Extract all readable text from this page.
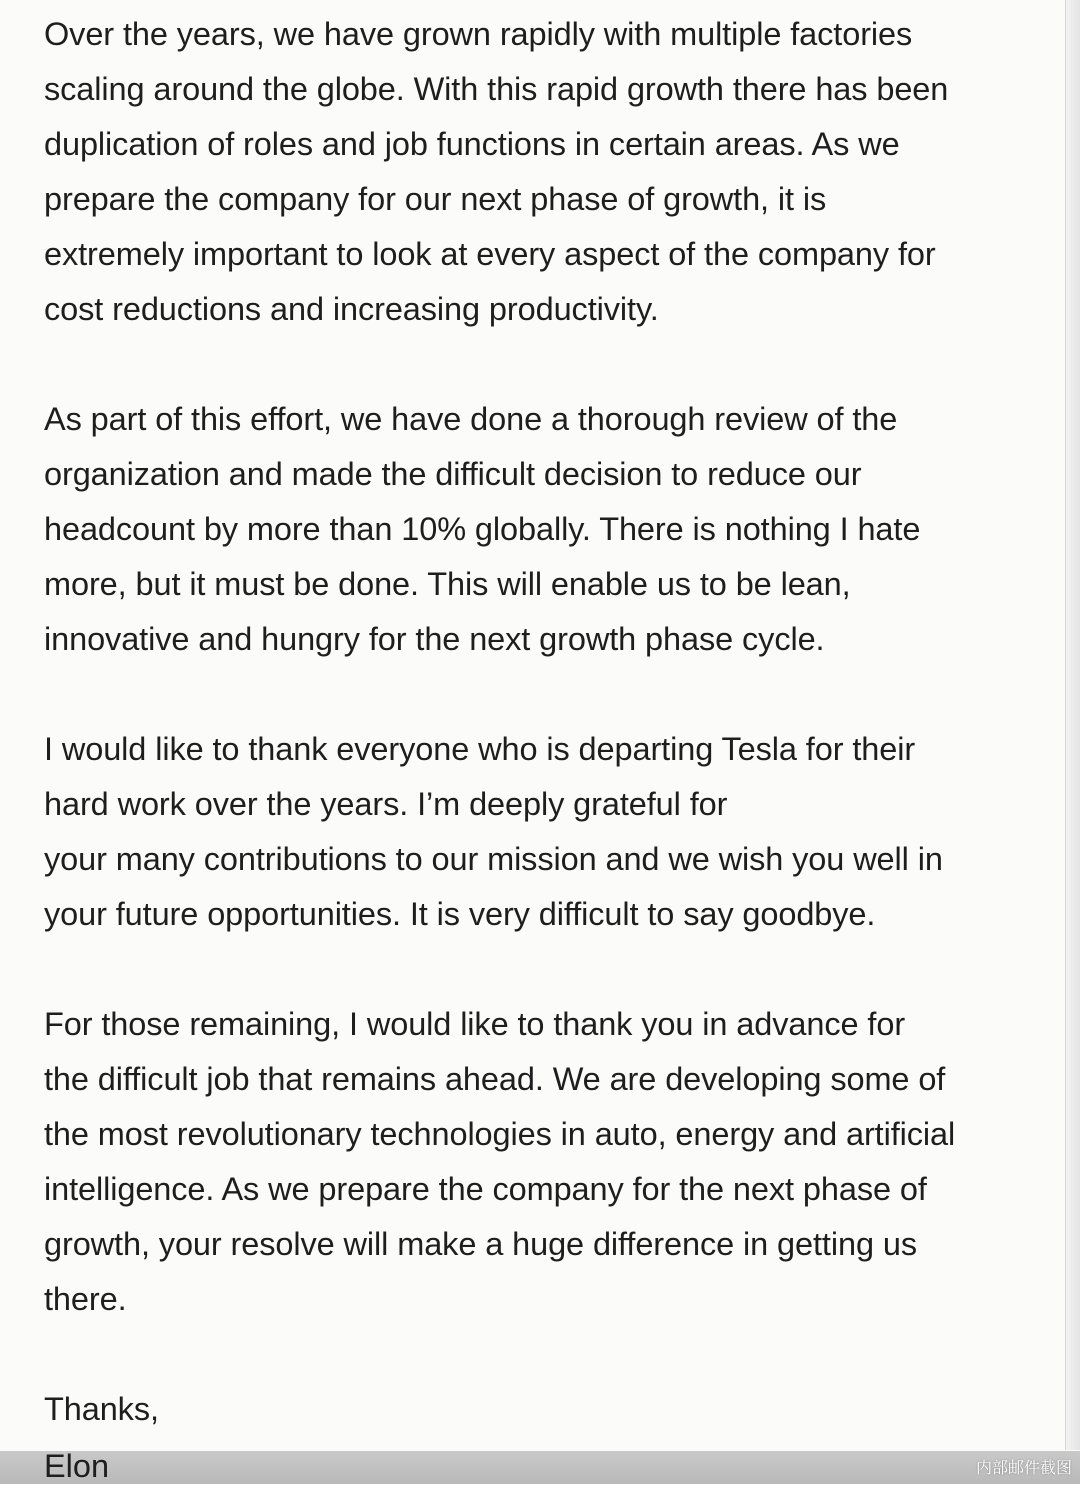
Over the years, we have grown rapidly with multiple factories
scaling around the globe. With this rapid growth there has been
duplication of roles and job functions in certain areas. As we
prepare the company for our next phase of growth, it is
extremely important to look at every aspect of the company for
cost reductions and increasing productivity.
As part of this effort, we have done a thorough review of the
organization and made the difficult decision to reduce our
headcount by more than 10% globally. There is nothing I hate
more, but it must be done. This will enable us to be lean,
innovative and hungry for the next growth phase cycle.
I would like to thank everyone who is departing Tesla for their
hard work over the years. I’m deeply grateful for
your many contributions to our mission and we wish you well in
your future opportunities. It is very difficult to say goodbye.
For those remaining, I would like to thank you in advance for
the difficult job that remains ahead. We are developing some of
the most revolutionary technologies in auto, energy and artificial
intelligence. As we prepare the company for the next phase of
growth, your resolve will make a huge difference in getting us
there.

Thanks,

Elon	内部邮件截图
